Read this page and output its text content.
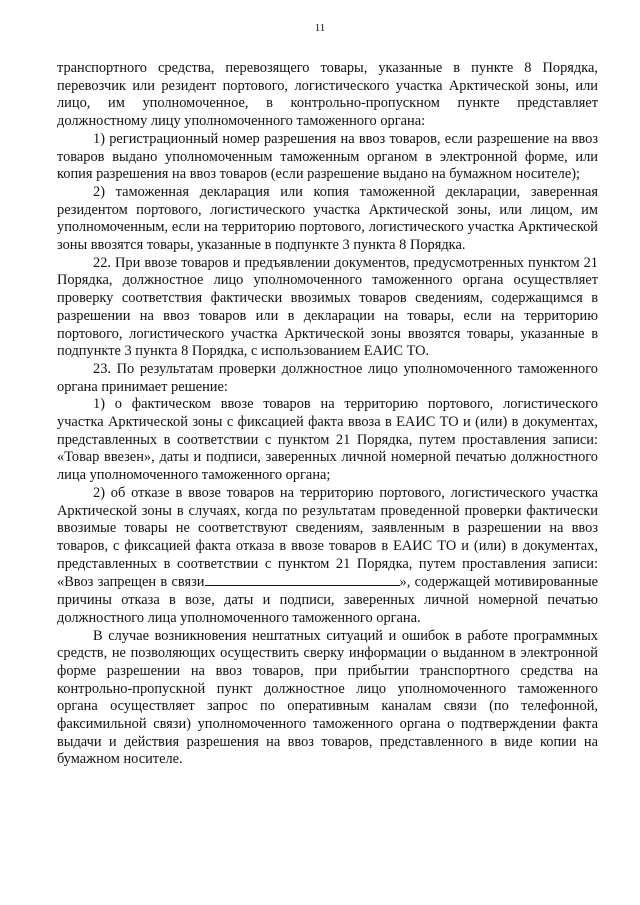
11

транспортного средства, перевозящего товары, указанные в пункте 8 Порядка, перевозчик или резидент портового, логистического участка Арктической зоны, или лицо, им уполномоченное, в контрольно-пропускном пункте представляет должностному лицу уполномоченного таможенного органа:

1) регистрационный номер разрешения на ввоз товаров, если разрешение на ввоз товаров выдано уполномоченным таможенным органом в электронной форме, или копия разрешения на ввоз товаров (если разрешение выдано на бумажном носителе);

2) таможенная декларация или копия таможенной декларации, заверенная резидентом портового, логистического участка Арктической зоны, или лицом, им уполномоченным, если на территорию портового, логистического участка Арктической зоны ввозятся товары, указанные в подпункте 3 пункта 8 Порядка.

22. При ввозе товаров и предъявлении документов, предусмотренных пунктом 21 Порядка, должностное лицо уполномоченного таможенного органа осуществляет проверку соответствия фактически ввозимых товаров сведениям, содержащимся в разрешении на ввоз товаров или в декларации на товары, если на территорию портового, логистического участка Арктической зоны ввозятся товары, указанные в подпункте 3 пункта 8 Порядка, с использованием ЕАИС ТО.

23. По результатам проверки должностное лицо уполномоченного таможенного органа принимает решение:

1) о фактическом ввозе товаров на территорию портового, логистического участка Арктической зоны с фиксацией факта ввоза в ЕАИС ТО и (или) в документах, представленных в соответствии с пунктом 21 Порядка, путем проставления записи: «Товар ввезен», даты и подписи, заверенных личной номерной печатью должностного лица уполномоченного таможенного органа;

2) об отказе в ввозе товаров на территорию портового, логистического участка Арктической зоны в случаях, когда по результатам проведенной проверки фактически ввозимые товары не соответствуют сведениям, заявленным в разрешении на ввоз товаров, с фиксацией факта отказа в ввозе товаров в ЕАИС ТО и (или) в документах, представленных в соответствии с пунктом 21 Порядка, путем проставления записи: «Ввоз запрещен в связи	», содержащей мотивированные причины отказа в возе, даты и подписи, заверенных личной номерной печатью должностного лица уполномоченного таможенного органа.

В случае возникновения нештатных ситуаций и ошибок в работе программных средств, не позволяющих осуществить сверку информации о выданном в электронной форме разрешении на ввоз товаров, при прибытии транспортного средства на контрольно-пропускной пункт должностное лицо уполномоченного таможенного органа осуществляет запрос по оперативным каналам связи (по телефонной, факсимильной связи) уполномоченного таможенного органа о подтверждении факта выдачи и действия разрешения на ввоз товаров, представленного в виде копии на бумажном носителе.
